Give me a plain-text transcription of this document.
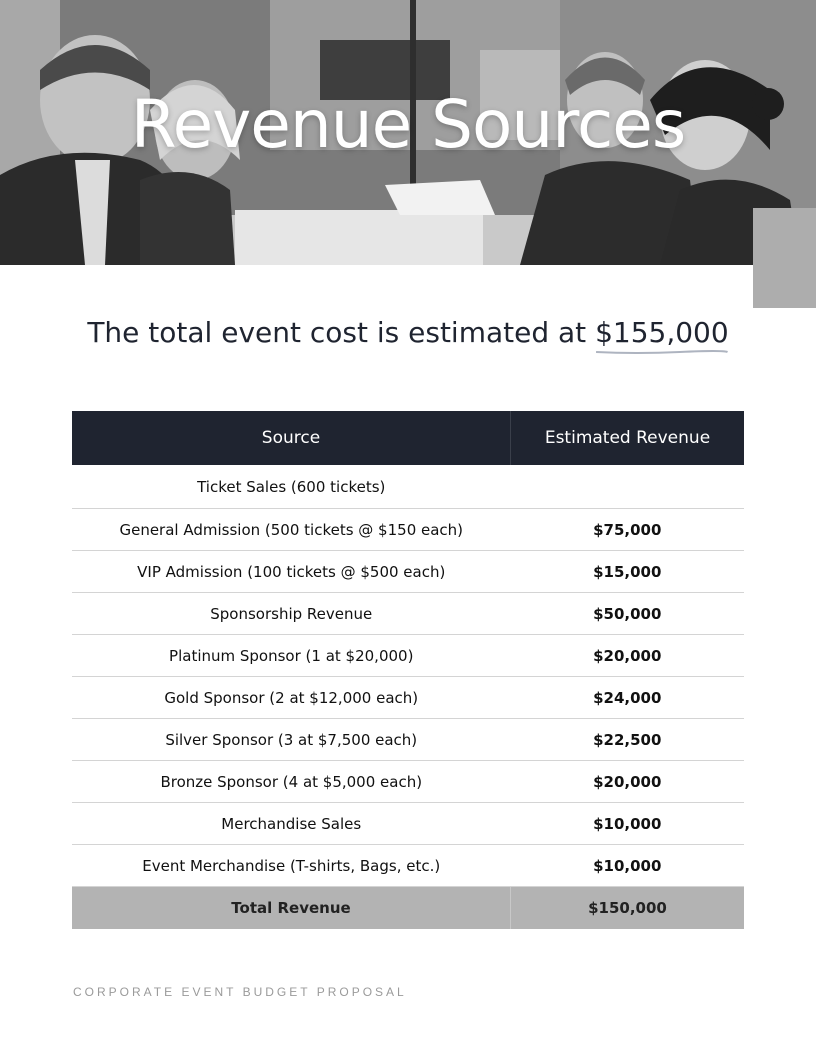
Revenue Sources
The total event cost is estimated at $155,000
Source	Estimated Revenue
Ticket Sales (600 tickets)	
General Admission (500 tickets @ $150 each)	$75,000
VIP Admission (100 tickets @ $500 each)	$15,000
Sponsorship Revenue	$50,000
Platinum Sponsor (1 at $20,000)	$20,000
Gold Sponsor (2 at $12,000 each)	$24,000
Silver Sponsor (3 at $7,500 each)	$22,500
Bronze Sponsor (4 at $5,000 each)	$20,000
Merchandise Sales	$10,000
Event Merchandise (T-shirts, Bags, etc.)	$10,000
Total Revenue	$150,000
CORPORATE EVENT BUDGET PROPOSAL
